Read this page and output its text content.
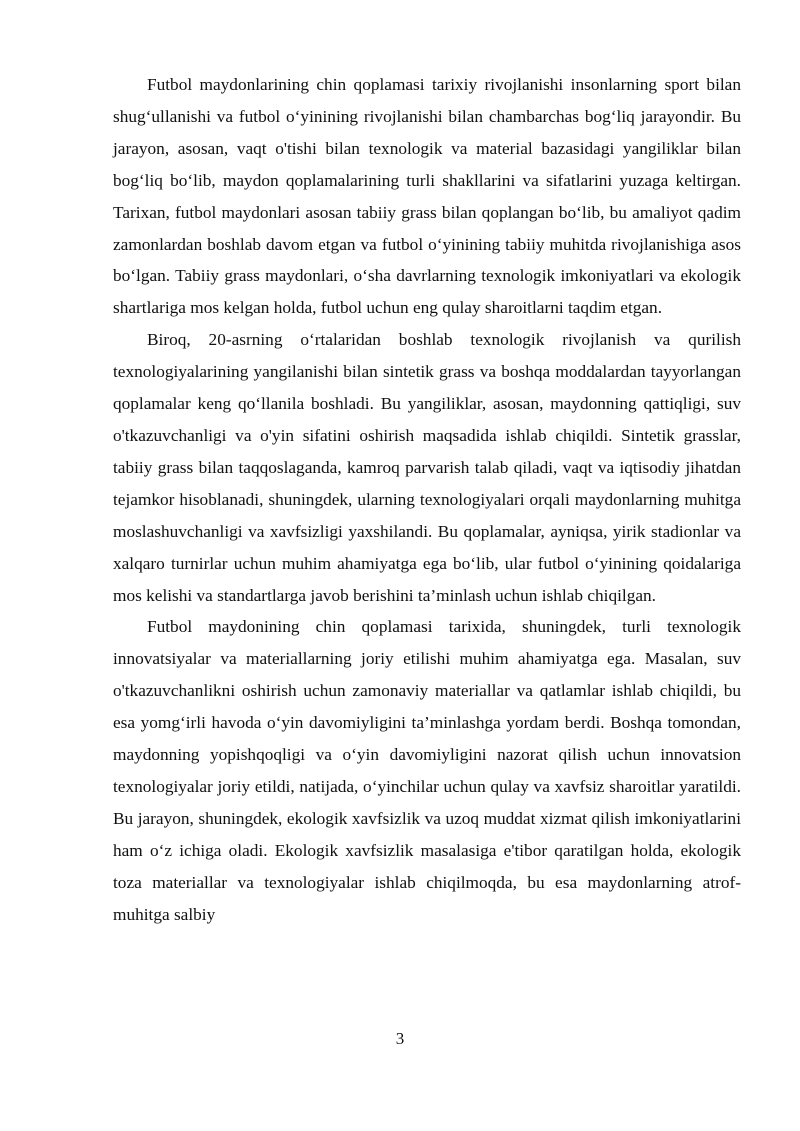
Futbol maydonlarining chin qoplamasi tarixiy rivojlanishi insonlarning sport bilan shug‘ullanishi va futbol o‘yinining rivojlanishi bilan chambarchas bog‘liq jarayondir. Bu jarayon, asosan, vaqt o'tishi bilan texnologik va material bazasidagi yangiliklar bilan bog‘liq bo‘lib, maydon qoplamalarining turli shakllarini va sifatlarini yuzaga keltirgan. Tarixan, futbol maydonlari asosan tabiiy grass bilan qoplangan bo‘lib, bu amaliyot qadim zamonlardan boshlab davom etgan va futbol o‘yinining tabiiy muhitda rivojlanishiga asos bo‘lgan. Tabiiy grass maydonlari, o‘sha davrlarning texnologik imkoniyatlari va ekologik shartlariga mos kelgan holda, futbol uchun eng qulay sharoitlarni taqdim etgan.

Biroq, 20-asrning o‘rtalaridan boshlab texnologik rivojlanish va qurilish texnologiyalarining yangilanishi bilan sintetik grass va boshqa moddalardan tayyorlangan qoplamalar keng qo‘llanila boshladi. Bu yangiliklar, asosan, maydonning qattiqligi, suv o'tkazuvchanligi va o'yin sifatini oshirish maqsadida ishlab chiqildi. Sintetik grasslar, tabiiy grass bilan taqqoslaganda, kamroq parvarish talab qiladi, vaqt va iqtisodiy jihatdan tejamkor hisoblanadi, shuningdek, ularning texnologiyalari orqali maydonlarning muhitga moslashuvchanligi va xavfsizligi yaxshilandi. Bu qoplamalar, ayniqsa, yirik stadionlar va xalqaro turnirlar uchun muhim ahamiyatga ega bo‘lib, ular futbol o‘yinining qoidalariga mos kelishi va standartlarga javob berishini ta’minlash uchun ishlab chiqilgan.

Futbol maydonining chin qoplamasi tarixida, shuningdek, turli texnologik innovatsiyalar va materiallarning joriy etilishi muhim ahamiyatga ega. Masalan, suv o'tkazuvchanlikni oshirish uchun zamonaviy materiallar va qatlamlar ishlab chiqildi, bu esa yomg‘irli havoda o‘yin davomiyligini ta’minlashga yordam berdi. Boshqa tomondan, maydonning yopishqoqligi va o‘yin davomiyligini nazorat qilish uchun innovatsion texnologiyalar joriy etildi, natijada, o‘yinchilar uchun qulay va xavfsiz sharoitlar yaratildi. Bu jarayon, shuningdek, ekologik xavfsizlik va uzoq muddat xizmat qilish imkoniyatlarini ham o‘z ichiga oladi. Ekologik xavfsizlik masalasiga e'tibor qaratilgan holda, ekologik toza materiallar va texnologiyalar ishlab chiqilmoqda, bu esa maydonlarning atrof-muhitga salbiy

3
